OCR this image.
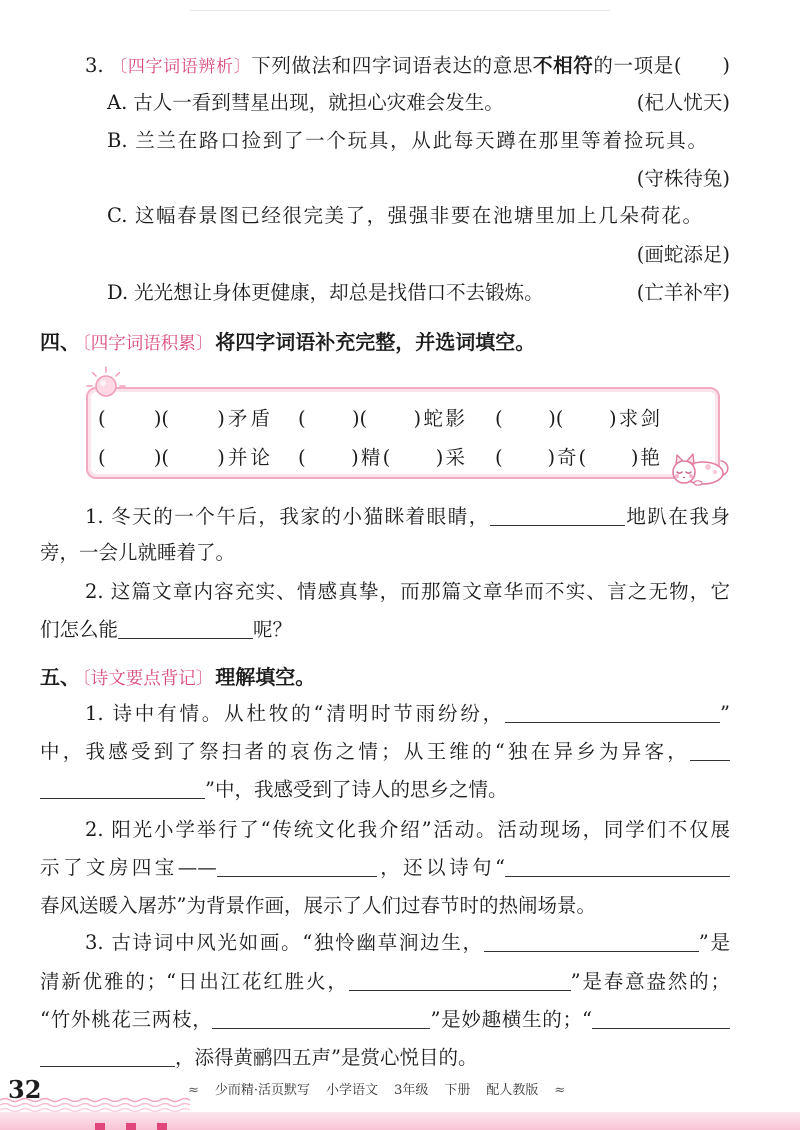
3. 〔四字词语辨析〕下列做法和四字词语表达的意思不相符的一项是(　　)
A. 古人一看到彗星出现，就担心灾难会发生。	(杞人忧天)
B. 兰兰在路口捡到了一个玩具，从此每天蹲在那里等着捡玩具。
(守株待兔)
C. 这幅春景图已经很完美了，强强非要在池塘里加上几朵荷花。
(画蛇添足)
D. 光光想让身体更健康，却总是找借口不去锻炼。	(亡羊补牢)
四、 〔四字词语积累〕 将四字词语补充完整，并选词填空。
(　　)(　　)矛盾 (　　)(　　)蛇影 (　　)(　　)求剑
(　　)(　　)并论 (　　)精(　　)采 (　　)奇(　　)艳
1. 冬天的一个午后，我家的小猫眯着眼睛，	地趴在我身
旁，一会儿就睡着了。
2. 这篇文章内容充实、情感真挚，而那篇文章华而不实、言之无物，它
们怎么能	呢？
五、 〔诗文要点背记〕 理解填空。
1. 诗中有情。从杜牧的“清明时节雨纷纷，	”
中，我感受到了祭扫者的哀伤之情；从王维的“独在异乡为异客，
”中，我感受到了诗人的思乡之情。
2. 阳光小学举行了“传统文化我介绍”活动。活动现场，同学们不仅展
示了文房四宝——	，还以诗句“
春风送暖入屠苏”为背景作画，展示了人们过春节时的热闹场景。
3. 古诗词中风光如画。“独怜幽草涧边生，	”是
清新优雅的；“日出江花红胜火，	”是春意盎然的；
“竹外桃花三两枝，	”是妙趣横生的；“
，添得黄鹂四五声”是赏心悦目的。
32	≈ 少而精·活页默写 小学语文 3年级 下册 配人教版 ≈
